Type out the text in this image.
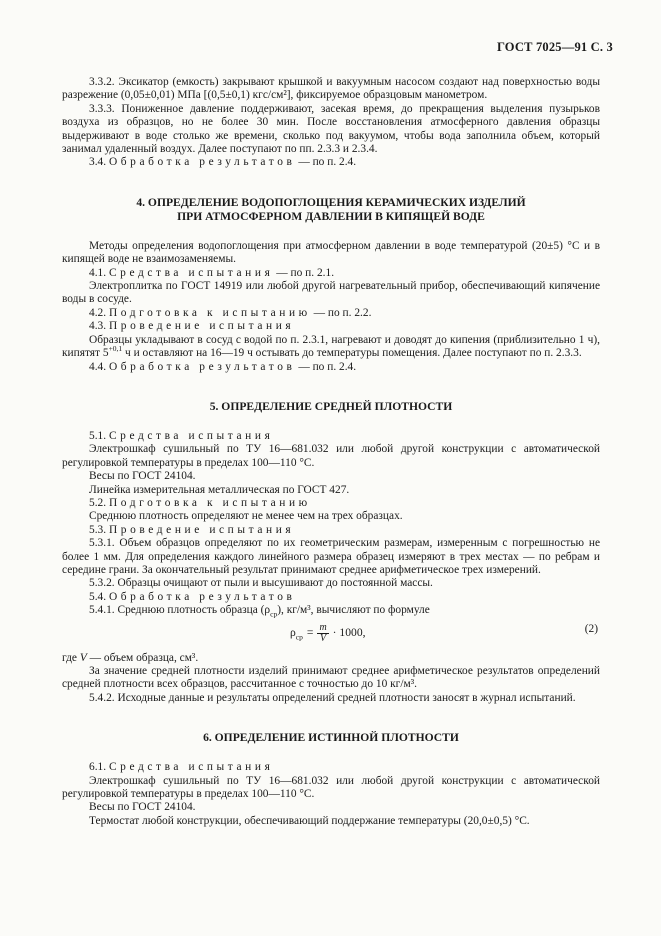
ГОСТ 7025—91 С. 3

3.3.2. Эксикатор (емкость) закрывают крышкой и вакуумным насосом создают над поверхностью воды разрежение (0,05±0,01) МПа [(0,5±0,1) кгс/см²], фиксируемое образцовым манометром.

3.3.3. Пониженное давление поддерживают, засекая время, до прекращения выделения пузырьков воздуха из образцов, но не более 30 мин. После восстановления атмосферного давления образцы выдерживают в воде столько же времени, сколько под вакуумом, чтобы вода заполнила объем, который занимал удаленный воздух. Далее поступают по пп. 2.3.3 и 2.3.4.

3.4. Обработка результатов — по п. 2.4.

4. ОПРЕДЕЛЕНИЕ ВОДОПОГЛОЩЕНИЯ КЕРАМИЧЕСКИХ ИЗДЕЛИЙ
ПРИ АТМОСФЕРНОМ ДАВЛЕНИИ В КИПЯЩЕЙ ВОДЕ

Методы определения водопоглощения при атмосферном давлении в воде температурой (20±5) °С и в кипящей воде не взаимозаменяемы.

4.1. Средства испытания — по п. 2.1.

Электроплитка по ГОСТ 14919 или любой другой нагревательный прибор, обеспечивающий кипячение воды в сосуде.

4.2. Подготовка к испытанию — по п. 2.2.

4.3. Проведение испытания

Образцы укладывают в сосуд с водой по п. 2.3.1, нагревают и доводят до кипения (приблизительно 1 ч), кипятят $5^{+0,1}$ ч и оставляют на 16—19 ч остывать до температуры помещения. Далее поступают по п. 2.3.3.

4.4. Обработка результатов — по п. 2.4.

5. ОПРЕДЕЛЕНИЕ СРЕДНЕЙ ПЛОТНОСТИ

5.1. Средства испытания

Электрошкаф сушильный по ТУ 16—681.032 или любой другой конструкции с автоматической регулировкой температуры в пределах 100—110 °С.

Весы по ГОСТ 24104.

Линейка измерительная металлическая по ГОСТ 427.

5.2. Подготовка к испытанию

Среднюю плотность определяют не менее чем на трех образцах.

5.3. Проведение испытания

5.3.1. Объем образцов определяют по их геометрическим размерам, измеренным с погрешностью не более 1 мм. Для определения каждого линейного размера образец измеряют в трех местах — по ребрам и середине грани. За окончательный результат принимают среднее арифметическое трех измерений.

5.3.2. Образцы очищают от пыли и высушивают до постоянной массы.

5.4. Обработка результатов

5.4.1. Среднюю плотность образца $(\rho_{ср})$, кг/м³, вычисляют по формуле

$\rho_{ср} = \frac{m}{V} \cdot 1000$,	(2)

где V — объем образца, см³.

За значение средней плотности изделий принимают среднее арифметическое результатов определений средней плотности всех образцов, рассчитанное с точностью до 10 кг/м³.

5.4.2. Исходные данные и результаты определений средней плотности заносят в журнал испытаний.

6. ОПРЕДЕЛЕНИЕ ИСТИННОЙ ПЛОТНОСТИ

6.1. Средства испытания

Электрошкаф сушильный по ТУ 16—681.032 или любой другой конструкции с автоматической регулировкой температуры в пределах 100—110 °С.

Весы по ГОСТ 24104.

Термостат любой конструкции, обеспечивающий поддержание температуры (20,0±0,5) °С.
